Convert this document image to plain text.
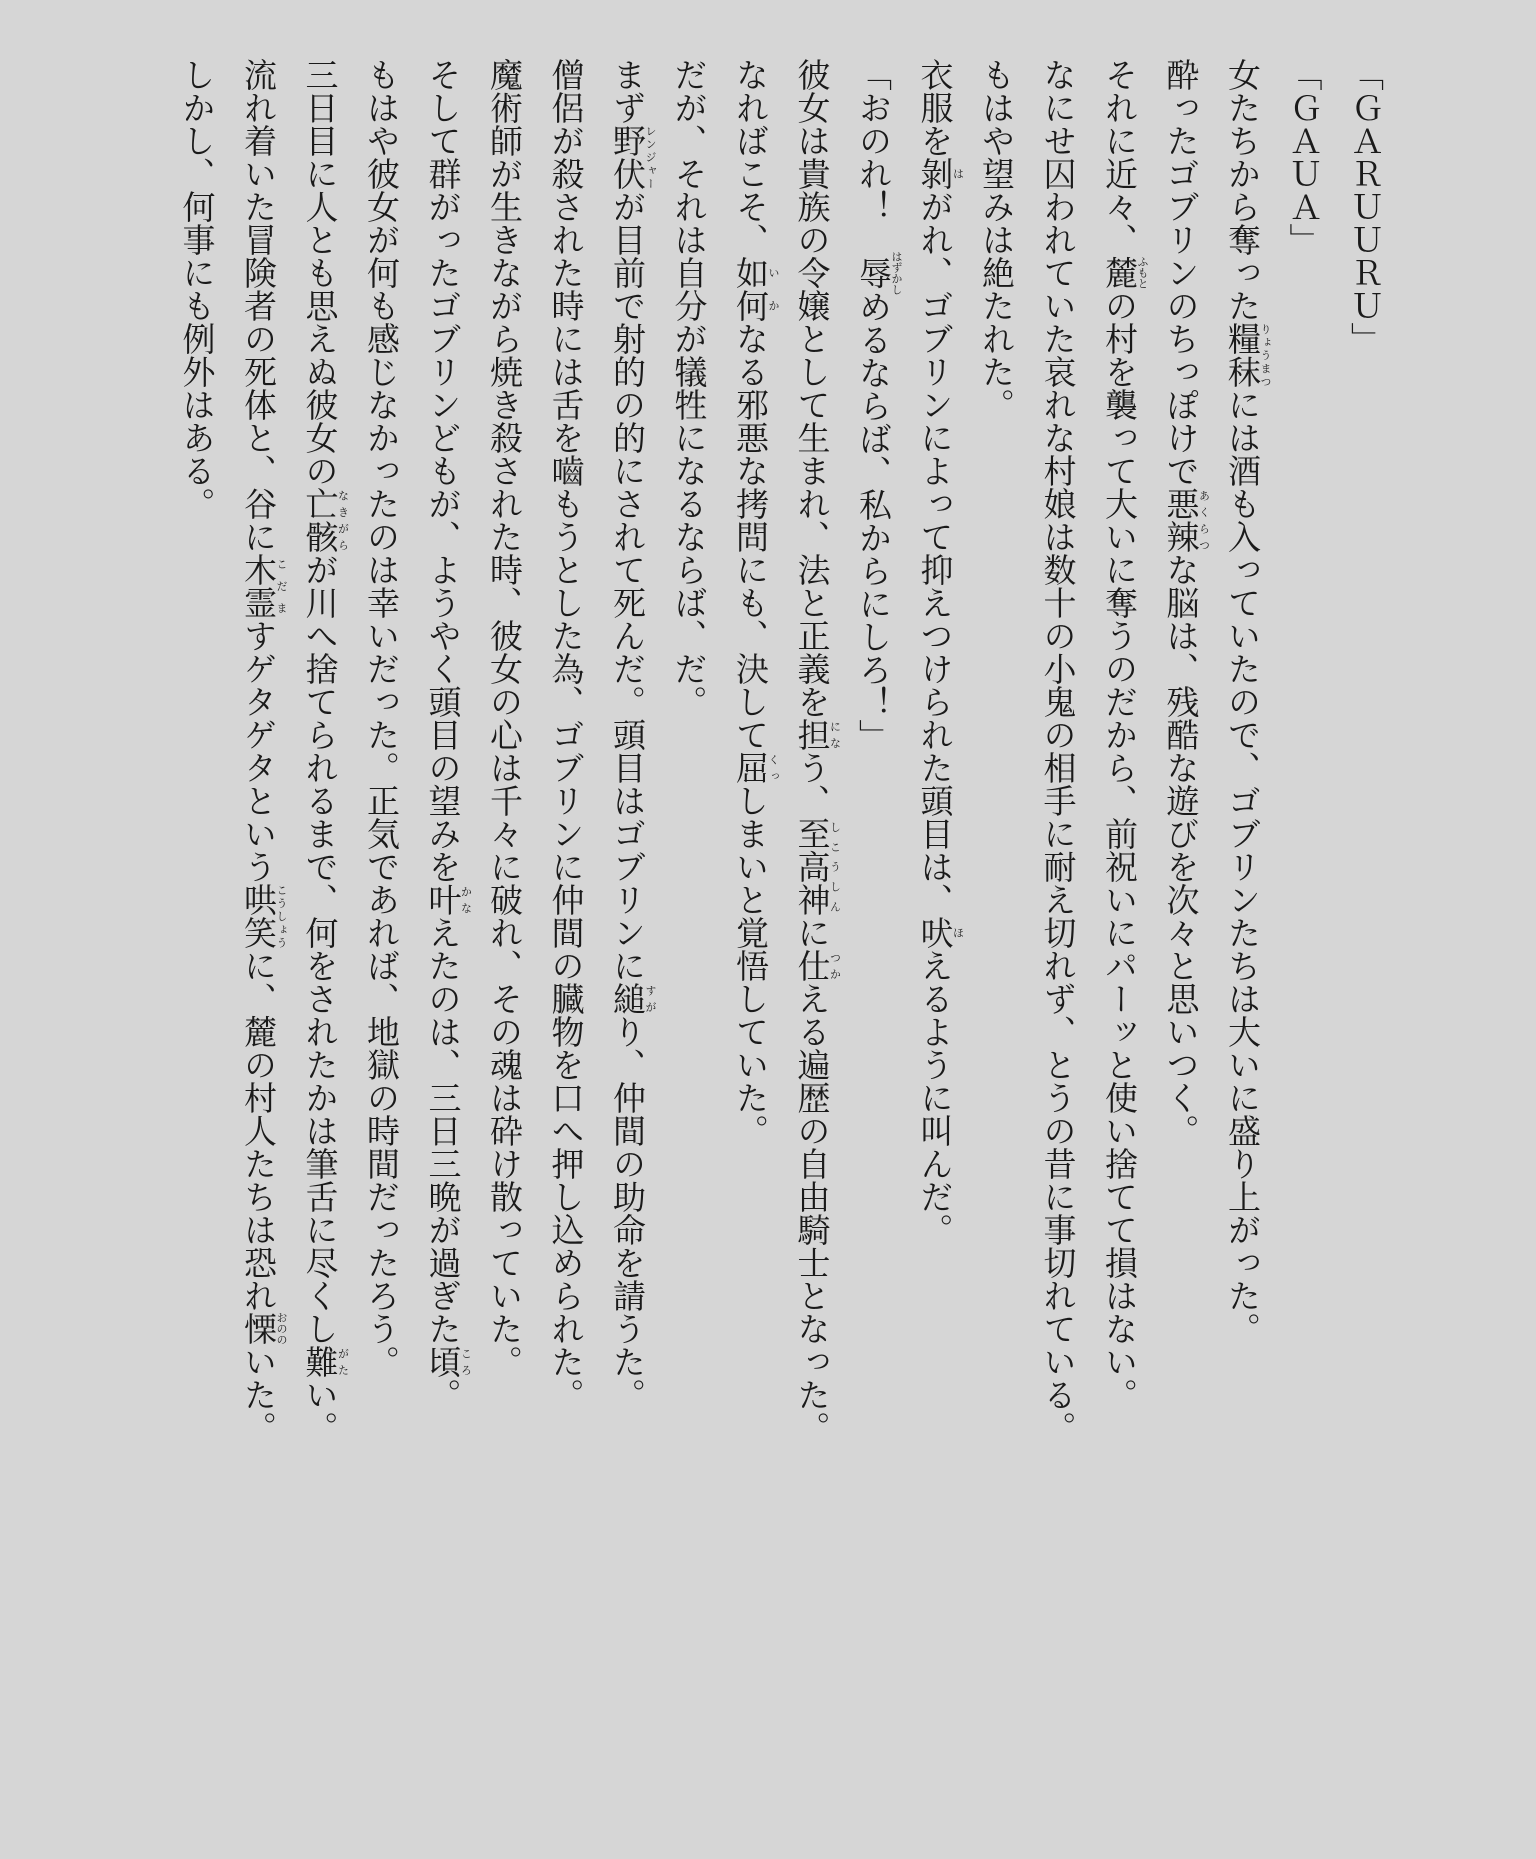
「ＧＡＲＵＵＲＵ」
「ＧＡＵＡ」
女たちから奪った糧秣りょうまつには酒も入っていたので、ゴブリンたちは大いに盛り上がった。
酔ったゴブリンのちっぽけで悪辣あくらつな脳は、残酷な遊びを次々と思いつく。
それに近々、麓ふもとの村を襲って大いに奪うのだから、前祝いにパーッと使い捨てて損はない。
なにせ囚われていた哀れな村娘は数十の小鬼の相手に耐え切れず、とうの昔に事切れている。
もはや望みは絶たれた。
衣服を剝はがれ、ゴブリンによって抑えつけられた頭目は、吠ほえるように叫んだ。
「おのれ！　辱はずかしめるならば、私からにしろ！」
彼女は貴族の令嬢として生まれ、法と正義を担になう、至高神しこうしんに仕つかえる遍歴の自由騎士となった。
なればこそ、如何いかなる邪悪な拷問にも、決して屈くっしまいと覚悟していた。
だが、それは自分が犠牲になるならば、だ。
まず野伏レンジャーが目前で射的の的にされて死んだ。頭目はゴブリンに縋すがり、仲間の助命を請うた。
僧侶が殺された時には舌を嚙もうとした為、ゴブリンに仲間の臓物を口へ押し込められた。
魔術師が生きながら焼き殺された時、彼女の心は千々に破れ、その魂は砕け散っていた。
そして群がったゴブリンどもが、ようやく頭目の望みを叶かなえたのは、三日三晩が過ぎた頃ころ。
もはや彼女が何も感じなかったのは幸いだった。正気であれば、地獄の時間だったろう。
三日目に人とも思えぬ彼女の亡骸なきがらが川へ捨てられるまで、何をされたかは筆舌に尽くし難がたい。
流れ着いた冒険者の死体と、谷に木霊こだますゲタゲタという哄笑こうしょうに、麓の村人たちは恐れ慄おののいた。
しかし、何事にも例外はある。
